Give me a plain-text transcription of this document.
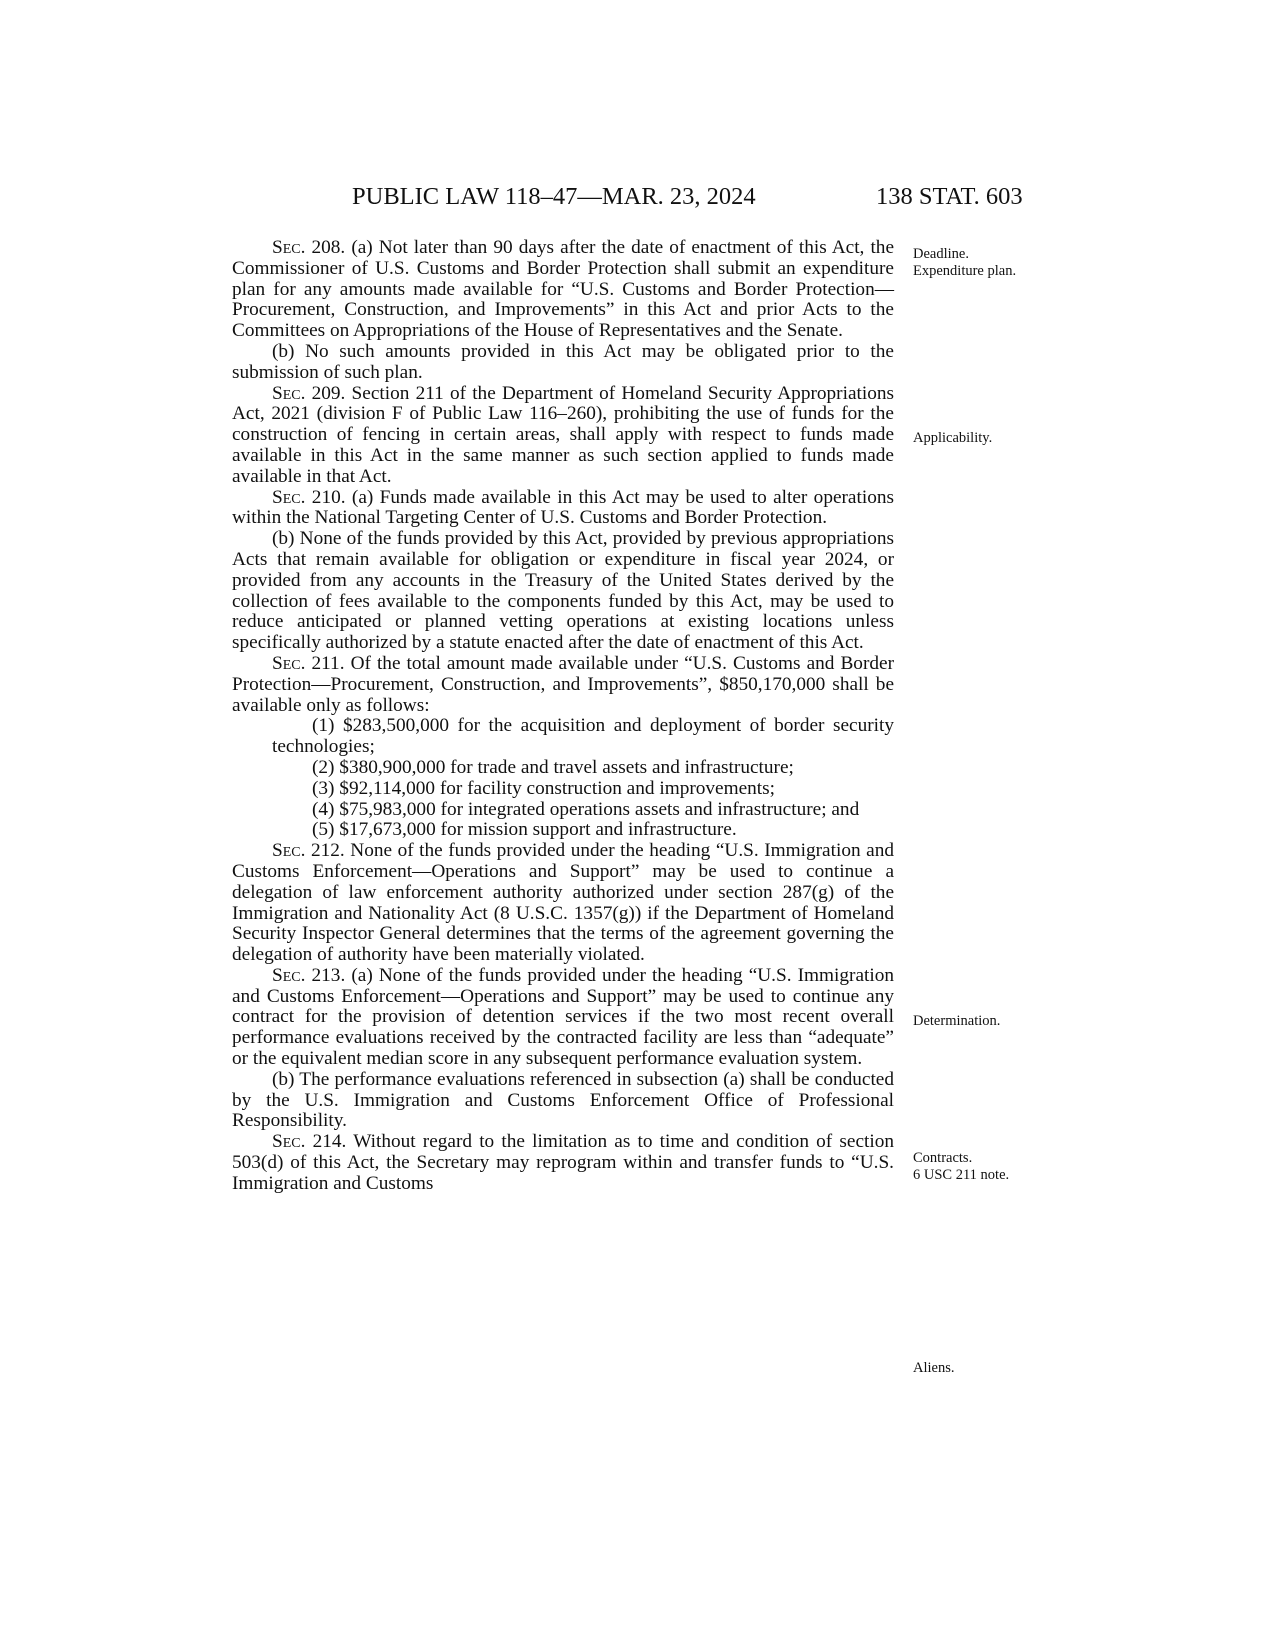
PUBLIC LAW 118–47—MAR. 23, 2024	138 STAT. 603

Sec. 208. (a) Not later than 90 days after the date of enactment of this Act, the Commissioner of U.S. Customs and Border Protection shall submit an expenditure plan for any amounts made available for “U.S. Customs and Border Protection—Procurement, Construction, and Improvements” in this Act and prior Acts to the Committees on Appropriations of the House of Representatives and the Senate.

(b) No such amounts provided in this Act may be obligated prior to the submission of such plan.

Sec. 209. Section 211 of the Department of Homeland Security Appropriations Act, 2021 (division F of Public Law 116–260), prohibiting the use of funds for the construction of fencing in certain areas, shall apply with respect to funds made available in this Act in the same manner as such section applied to funds made available in that Act.

Sec. 210. (a) Funds made available in this Act may be used to alter operations within the National Targeting Center of U.S. Customs and Border Protection.

(b) None of the funds provided by this Act, provided by previous appropriations Acts that remain available for obligation or expenditure in fiscal year 2024, or provided from any accounts in the Treasury of the United States derived by the collection of fees available to the components funded by this Act, may be used to reduce anticipated or planned vetting operations at existing locations unless specifically authorized by a statute enacted after the date of enactment of this Act.

Sec. 211. Of the total amount made available under “U.S. Customs and Border Protection—Procurement, Construction, and Improvements”, $850,170,000 shall be available only as follows:

(1) $283,500,000 for the acquisition and deployment of border security technologies;

(2) $380,900,000 for trade and travel assets and infrastructure;

(3) $92,114,000 for facility construction and improvements;

(4) $75,983,000 for integrated operations assets and infrastructure; and

(5) $17,673,000 for mission support and infrastructure.

Sec. 212. None of the funds provided under the heading “U.S. Immigration and Customs Enforcement—Operations and Support” may be used to continue a delegation of law enforcement authority authorized under section 287(g) of the Immigration and Nationality Act (8 U.S.C. 1357(g)) if the Department of Homeland Security Inspector General determines that the terms of the agreement governing the delegation of authority have been materially violated.

Sec. 213. (a) None of the funds provided under the heading “U.S. Immigration and Customs Enforcement—Operations and Support” may be used to continue any contract for the provision of detention services if the two most recent overall performance evaluations received by the contracted facility are less than “adequate” or the equivalent median score in any subsequent performance evaluation system.

(b) The performance evaluations referenced in subsection (a) shall be conducted by the U.S. Immigration and Customs Enforcement Office of Professional Responsibility.

Sec. 214. Without regard to the limitation as to time and condition of section 503(d) of this Act, the Secretary may reprogram within and transfer funds to “U.S. Immigration and Customs

Deadline. Expenditure plan.
Applicability.
Determination.
Contracts.
6 USC 211 note.
Aliens.
